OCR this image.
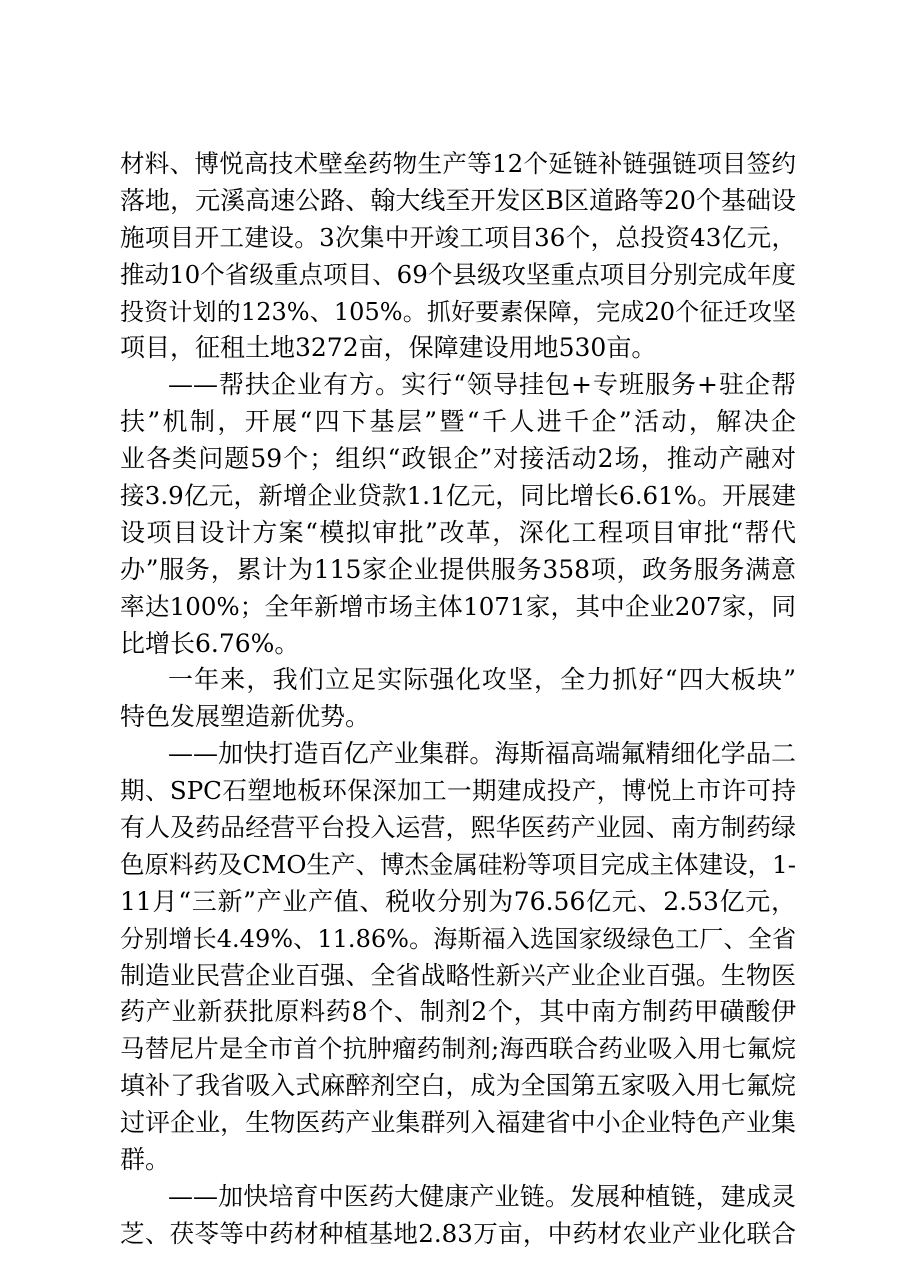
材料、博悦高技术壁垒药物生产等12个延链补链强链项目签约
落地，元溪高速公路、翰大线至开发区B区道路等20个基础设
施项目开工建设。3次集中开竣工项目36个，总投资43亿元，
推动10个省级重点项目、69个县级攻坚重点项目分别完成年度
投资计划的123%、105%。抓好要素保障，完成20个征迁攻坚
项目，征租土地3272亩，保障建设用地530亩。
——帮扶企业有方。实行“领导挂包+专班服务+驻企帮
扶”机制，开展“四下基层”暨“千人进千企”活动，解决企
业各类问题59个；组织“政银企”对接活动2场，推动产融对
接3.9亿元，新增企业贷款1.1亿元，同比增长6.61%。开展建
设项目设计方案“模拟审批”改革，深化工程项目审批“帮代
办”服务，累计为115家企业提供服务358项，政务服务满意
率达100%；全年新增市场主体1071家，其中企业207家，同
比增长6.76%。
一年来，我们立足实际强化攻坚，全力抓好“四大板块”
特色发展塑造新优势。
——加快打造百亿产业集群。海斯福高端氟精细化学品二
期、SPC石塑地板环保深加工一期建成投产，博悦上市许可持
有人及药品经营平台投入运营，熙华医药产业园、南方制药绿
色原料药及CMO生产、博杰金属硅粉等项目完成主体建设，1-
11月“三新”产业产值、税收分别为76.56亿元、2.53亿元，
分别增长4.49%、11.86%。海斯福入选国家级绿色工厂、全省
制造业民营企业百强、全省战略性新兴产业企业百强。生物医
药产业新获批原料药8个、制剂2个，其中南方制药甲磺酸伊
马替尼片是全市首个抗肿瘤药制剂;海西联合药业吸入用七氟烷
填补了我省吸入式麻醉剂空白，成为全国第五家吸入用七氟烷
过评企业，生物医药产业集群列入福建省中小企业特色产业集
群。
——加快培育中医药大健康产业链。发展种植链，建成灵
芝、茯苓等中药材种植基地2.83万亩，中药材农业产业化联合
